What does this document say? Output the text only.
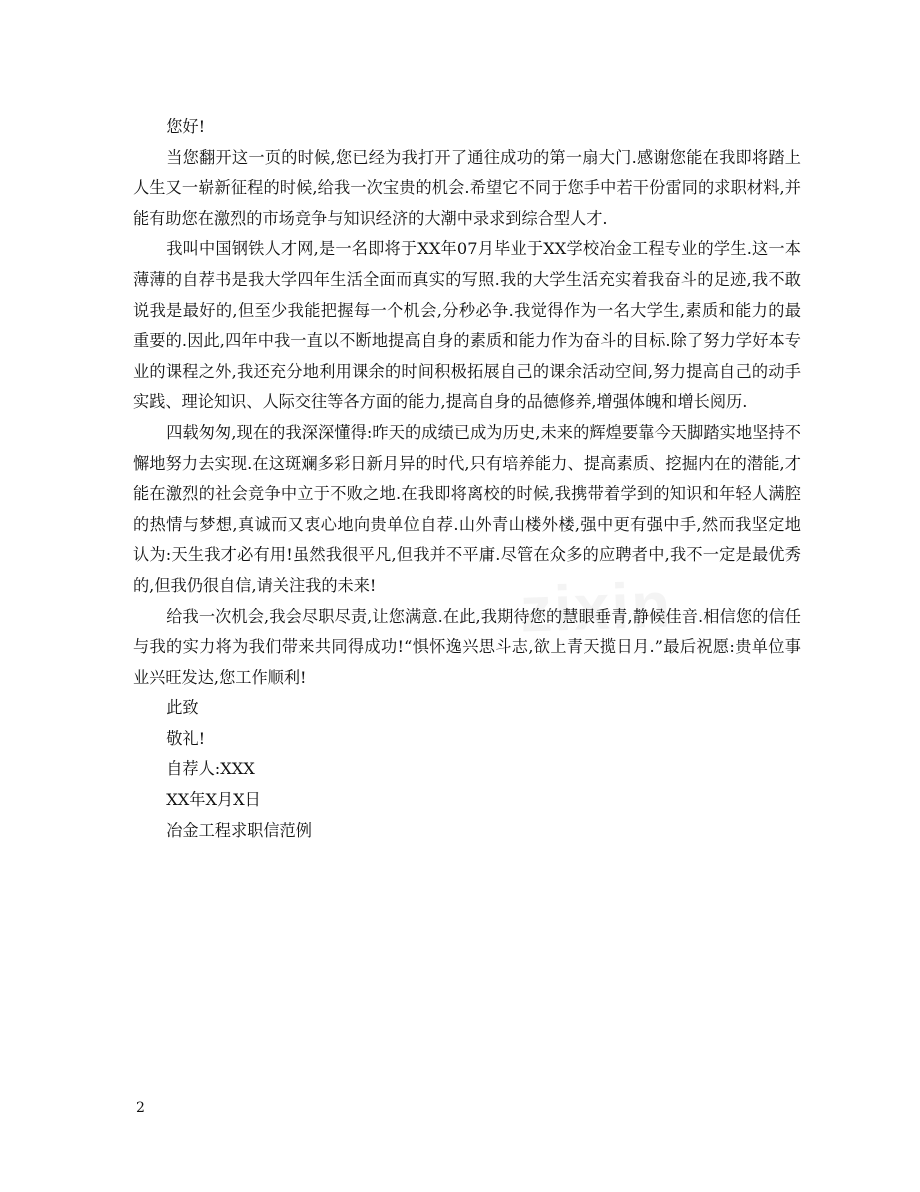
您好!

当您翻开这一页的时候,您已经为我打开了通往成功的第一扇大门.感谢您能在我即将踏上人生又一崭新征程的时候,给我一次宝贵的机会.希望它不同于您手中若干份雷同的求职材料,并能有助您在激烈的市场竞争与知识经济的大潮中录求到综合型人才.

我叫中国钢铁人才网,是一名即将于XX年07月毕业于XX学校冶金工程专业的学生.这一本薄薄的自荐书是我大学四年生活全面而真实的写照.我的大学生活充实着我奋斗的足迹,我不敢说我是最好的,但至少我能把握每一个机会,分秒必争.我觉得作为一名大学生,素质和能力的最重要的.因此,四年中我一直以不断地提高自身的素质和能力作为奋斗的目标.除了努力学好本专业的课程之外,我还充分地利用课余的时间积极拓展自己的课余活动空间,努力提高自己的动手实践、理论知识、人际交往等各方面的能力,提高自身的品德修养,增强体魄和增长阅历.

四载匆匆,现在的我深深懂得:昨天的成绩已成为历史,未来的辉煌要靠今天脚踏实地坚持不懈地努力去实现.在这斑斓多彩日新月异的时代,只有培养能力、提高素质、挖掘内在的潜能,才能在激烈的社会竞争中立于不败之地.在我即将离校的时候,我携带着学到的知识和年轻人满腔的热情与梦想,真诚而又衷心地向贵单位自荐.山外青山楼外楼,强中更有强中手,然而我坚定地认为:天生我才必有用!虽然我很平凡,但我并不平庸.尽管在众多的应聘者中,我不一定是最优秀的,但我仍很自信,请关注我的未来!

给我一次机会,我会尽职尽责,让您满意.在此,我期待您的慧眼垂青,静候佳音.相信您的信任与我的实力将为我们带来共同得成功!“惧怀逸兴思斗志,欲上青天揽日月.”最后祝愿:贵单位事业兴旺发达,您工作顺利!

此致

敬礼!

自荐人:XXX

XX年X月X日

冶金工程求职信范例

2
